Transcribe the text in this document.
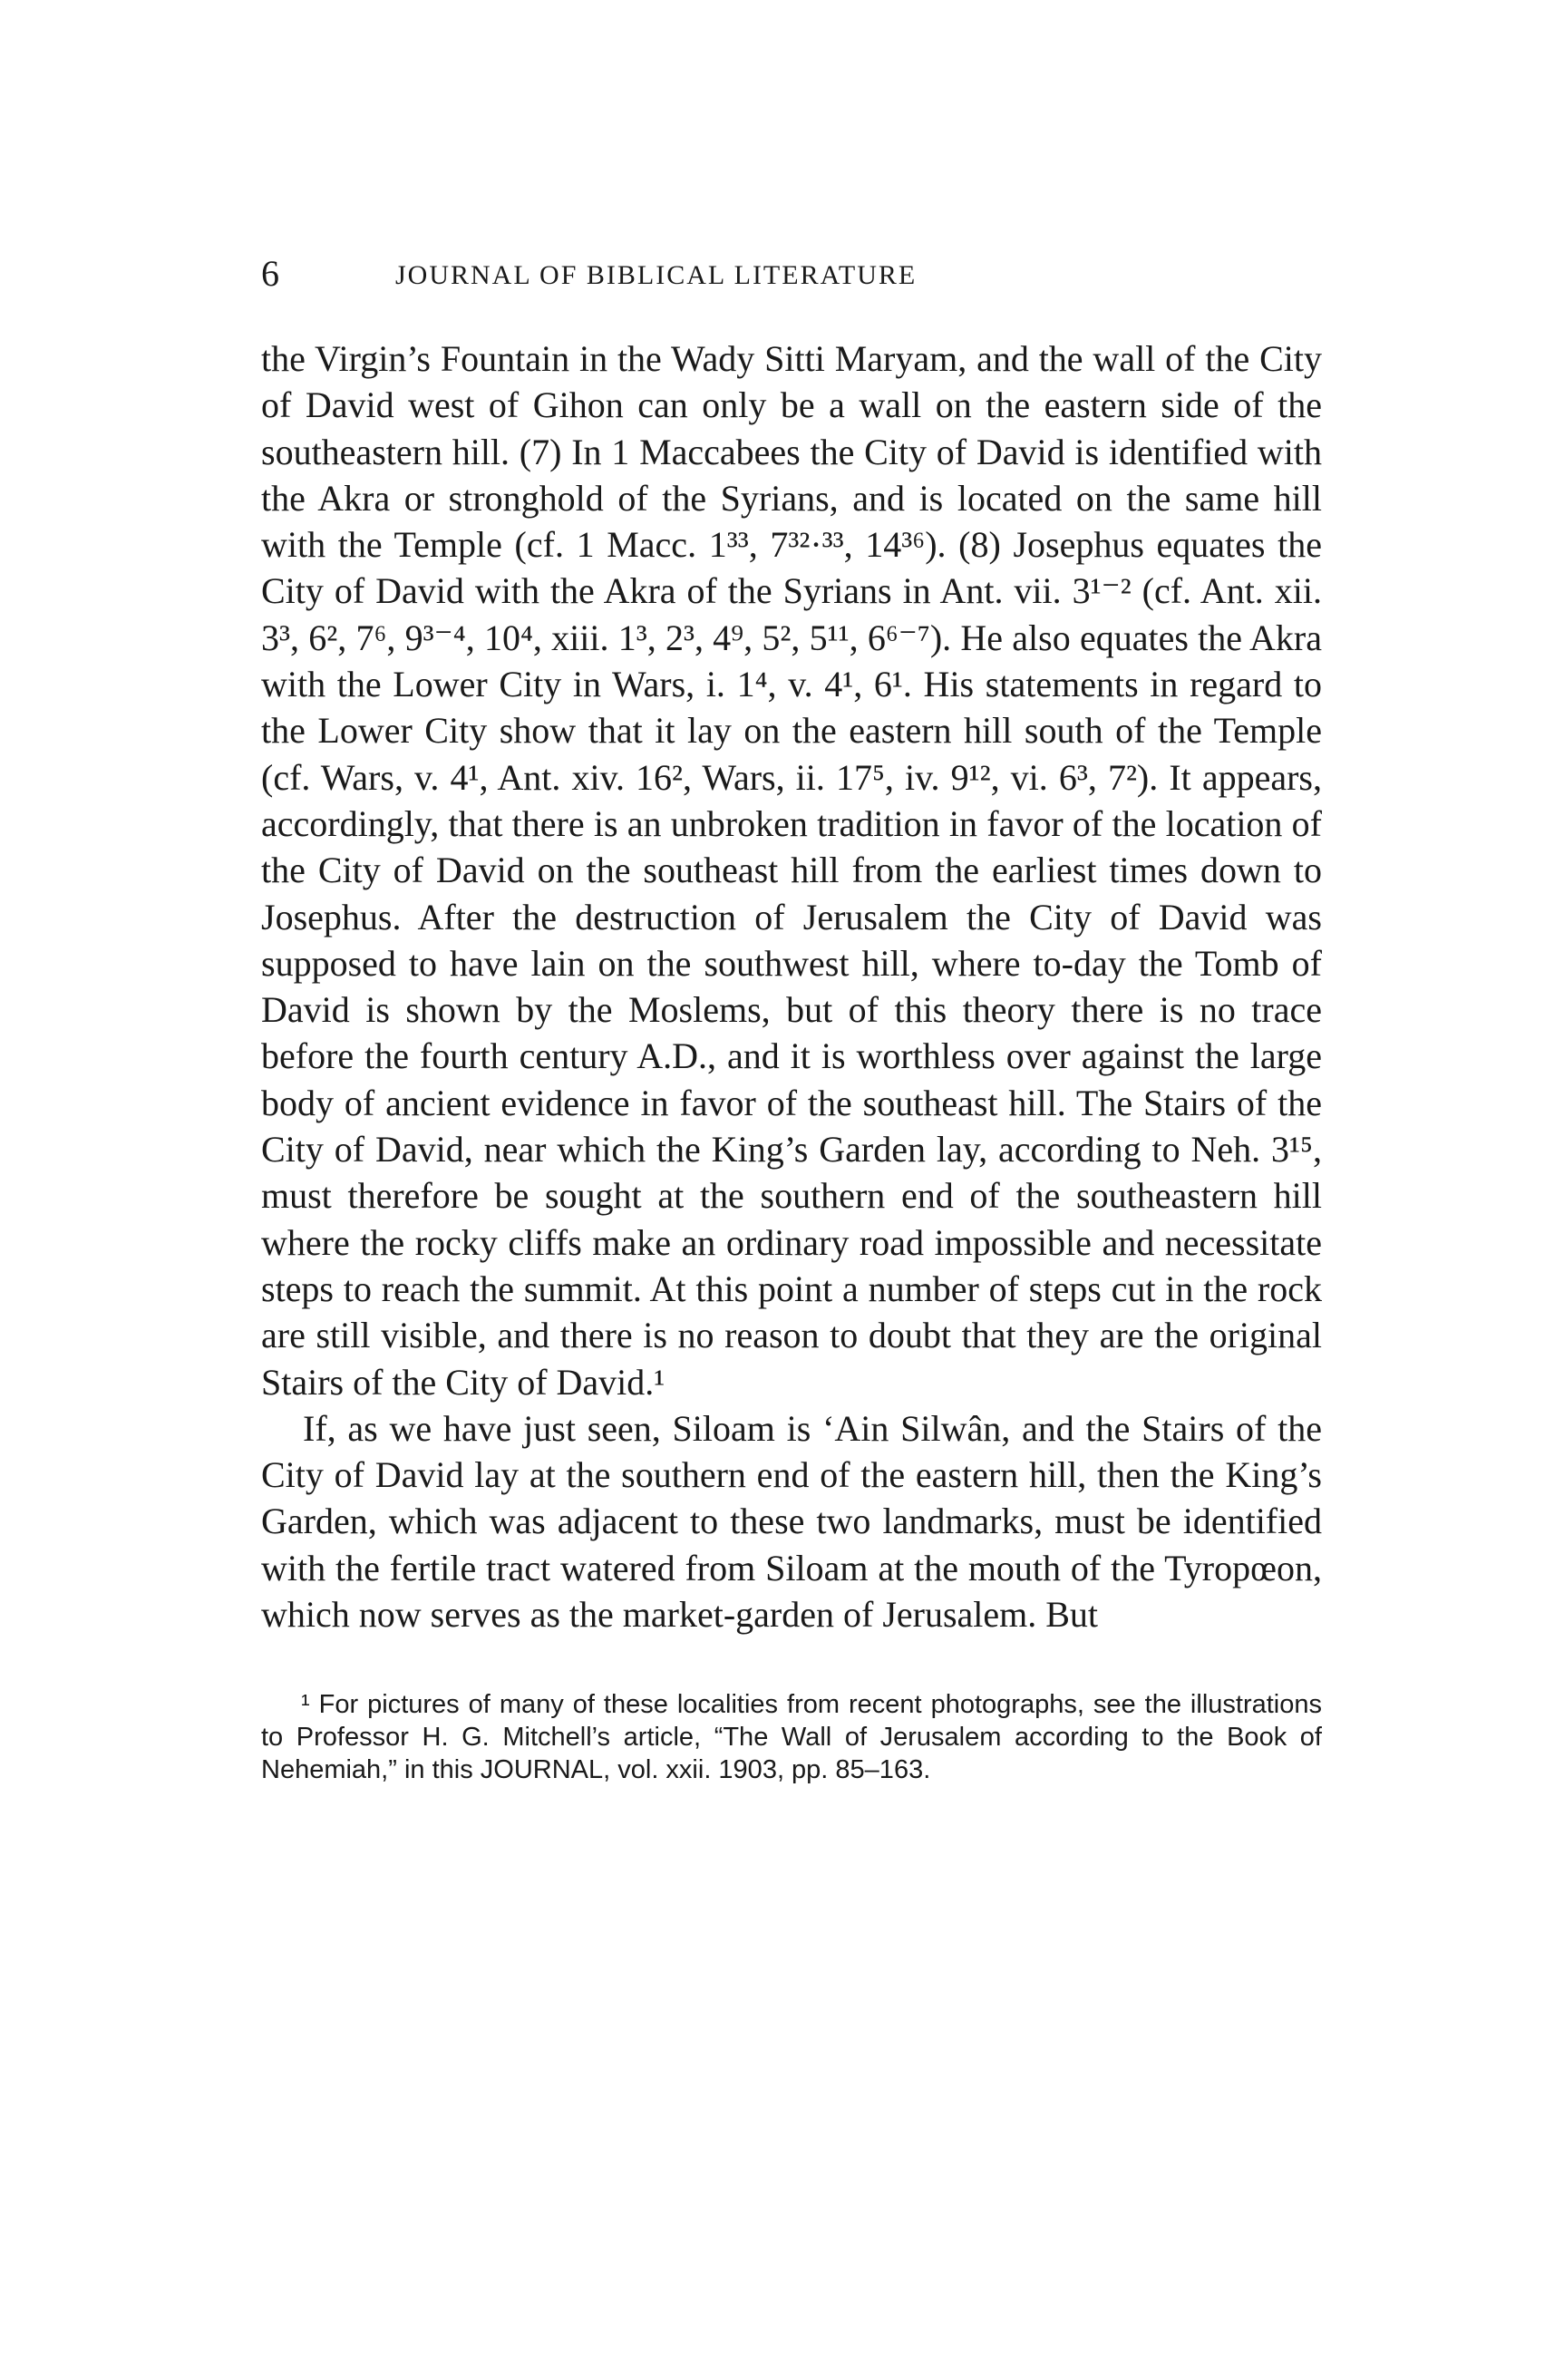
6	JOURNAL OF BIBLICAL LITERATURE

the Virgin’s Fountain in the Wady Sitti Maryam, and the wall of the City of David west of Gihon can only be a wall on the eastern side of the southeastern hill. (7) In 1 Maccabees the City of David is identified with the Akra or stronghold of the Syrians, and is located on the same hill with the Temple (cf. 1 Macc. 1³³, 7³²·³³, 14³⁶). (8) Josephus equates the City of David with the Akra of the Syrians in Ant. vii. 3¹⁻² (cf. Ant. xii. 3³, 6², 7⁶, 9³⁻⁴, 10⁴, xiii. 1³, 2³, 4⁹, 5², 5¹¹, 6⁶⁻⁷). He also equates the Akra with the Lower City in Wars, i. 1⁴, v. 4¹, 6¹. His statements in regard to the Lower City show that it lay on the eastern hill south of the Temple (cf. Wars, v. 4¹, Ant. xiv. 16², Wars, ii. 17⁵, iv. 9¹², vi. 6³, 7²). It appears, accordingly, that there is an unbroken tradition in favor of the location of the City of David on the southeast hill from the earliest times down to Josephus. After the destruction of Jerusalem the City of David was supposed to have lain on the southwest hill, where to-day the Tomb of David is shown by the Moslems, but of this theory there is no trace before the fourth century A.D., and it is worthless over against the large body of ancient evidence in favor of the southeast hill. The Stairs of the City of David, near which the King’s Garden lay, according to Neh. 3¹⁵, must therefore be sought at the southern end of the southeastern hill where the rocky cliffs make an ordinary road impossible and necessitate steps to reach the summit. At this point a number of steps cut in the rock are still visible, and there is no reason to doubt that they are the original Stairs of the City of David.¹

If, as we have just seen, Siloam is ‘Ain Silwân, and the Stairs of the City of David lay at the southern end of the eastern hill, then the King’s Garden, which was adjacent to these two landmarks, must be identified with the fertile tract watered from Siloam at the mouth of the Tyropœon, which now serves as the market-garden of Jerusalem. But

¹ For pictures of many of these localities from recent photographs, see the illustrations to Professor H. G. Mitchell’s article, “The Wall of Jerusalem according to the Book of Nehemiah,” in this JOURNAL, vol. xxii. 1903, pp. 85–163.
